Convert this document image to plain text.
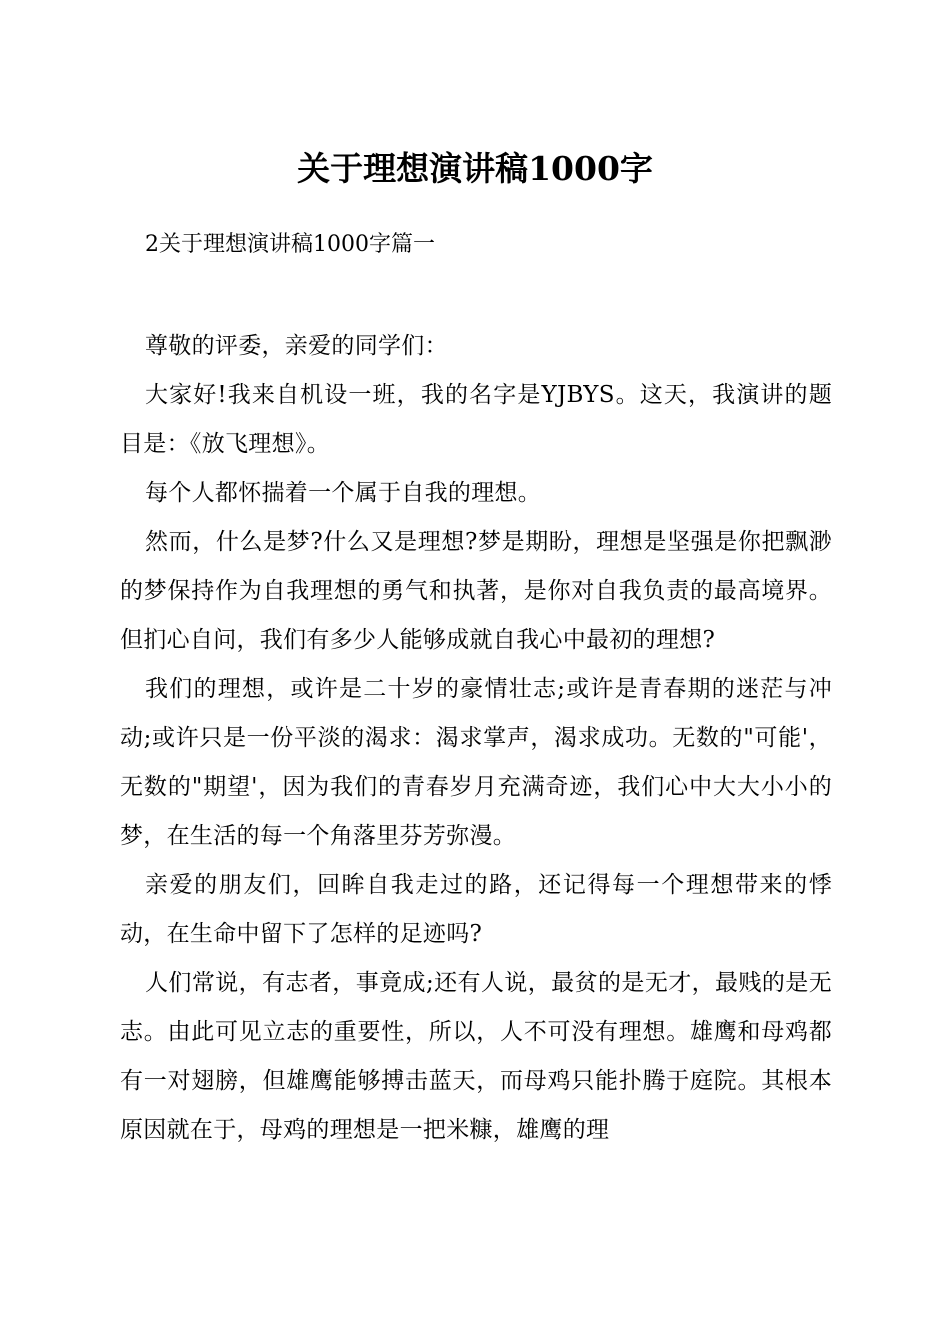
关于理想演讲稿1000字
2关于理想演讲稿1000字篇一

尊敬的评委，亲爱的同学们：

大家好!我来自机设一班，我的名字是YJBYS。这天，我演讲的题目是：《放飞理想》。

每个人都怀揣着一个属于自我的理想。

然而，什么是梦?什么又是理想?梦是期盼，理想是坚强是你把飘渺的梦保持作为自我理想的勇气和执著，是你对自我负责的最高境界。但扪心自问，我们有多少人能够成就自我心中最初的理想?

我们的理想，或许是二十岁的豪情壮志;或许是青春期的迷茫与冲动;或许只是一份平淡的渴求：渴求掌声，渴求成功。无数的"可能'，无数的"期望'，因为我们的青春岁月充满奇迹，我们心中大大小小的梦，在生活的每一个角落里芬芳弥漫。

亲爱的朋友们，回眸自我走过的路，还记得每一个理想带来的悸动，在生命中留下了怎样的足迹吗?

人们常说，有志者，事竟成;还有人说，最贫的是无才，最贱的是无志。由此可见立志的重要性，所以，人不可没有理想。雄鹰和母鸡都有一对翅膀，但雄鹰能够搏击蓝天，而母鸡只能扑腾于庭院。其根本原因就在于，母鸡的理想是一把米糠，雄鹰的理
